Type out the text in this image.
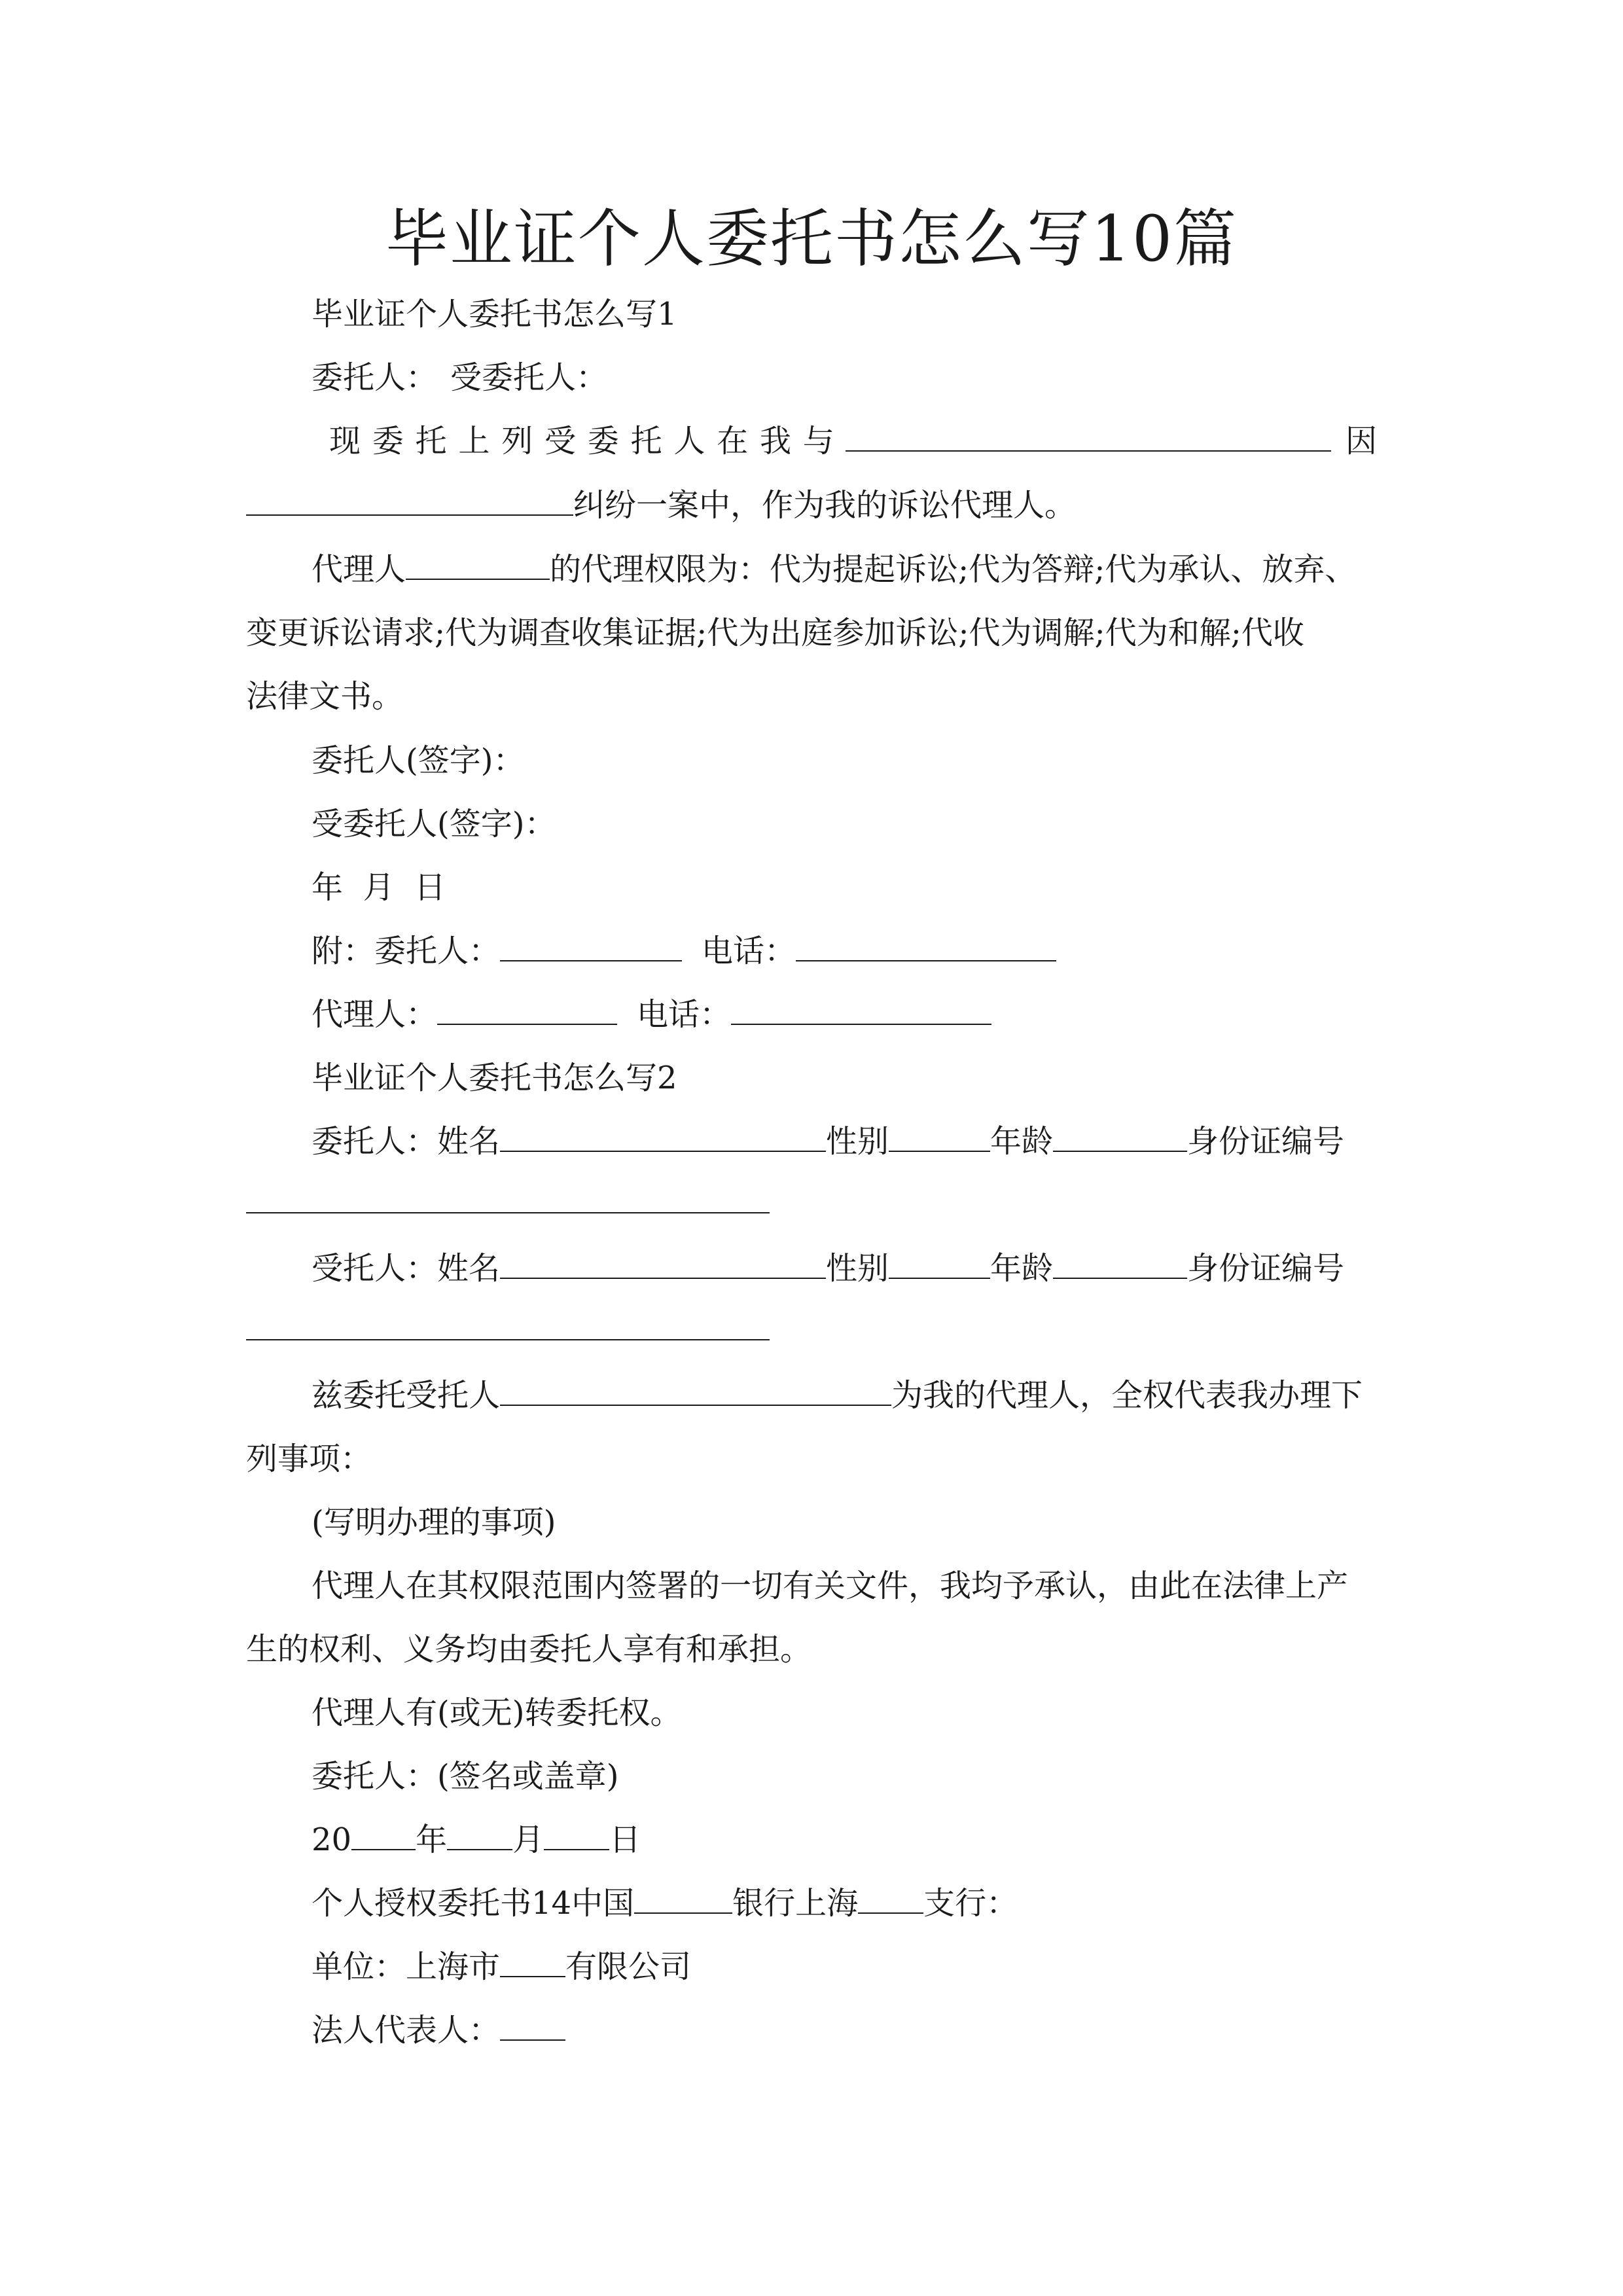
毕业证个人委托书怎么写10篇
毕业证个人委托书怎么写1
委托人： 受委托人：
现 委 托 上 列 受 委 托 人 在 我 与	因
纠纷一案中，作为我的诉讼代理人。
代理人	的代理权限为：代为提起诉讼;代为答辩;代为承认、放弃、
变更诉讼请求;代为调查收集证据;代为出庭参加诉讼;代为调解;代为和解;代收
法律文书。
委托人(签字)：
受委托人(签字)：
年  月  日
附：委托人：	电话：
代理人：	电话：
毕业证个人委托书怎么写2
委托人：姓名	性别	年龄	身份证编号
受托人：姓名	性别	年龄	身份证编号
兹委托受托人	为我的代理人，全权代表我办理下
列事项：
(写明办理的事项)
代理人在其权限范围内签署的一切有关文件，我均予承认，由此在法律上产
生的权利、义务均由委托人享有和承担。
代理人有(或无)转委托权。
委托人：(签名或盖章)
20 年 月 日
个人授权委托书14中国	银行上海 支行：
单位：上海市 有限公司
法人代表人：
